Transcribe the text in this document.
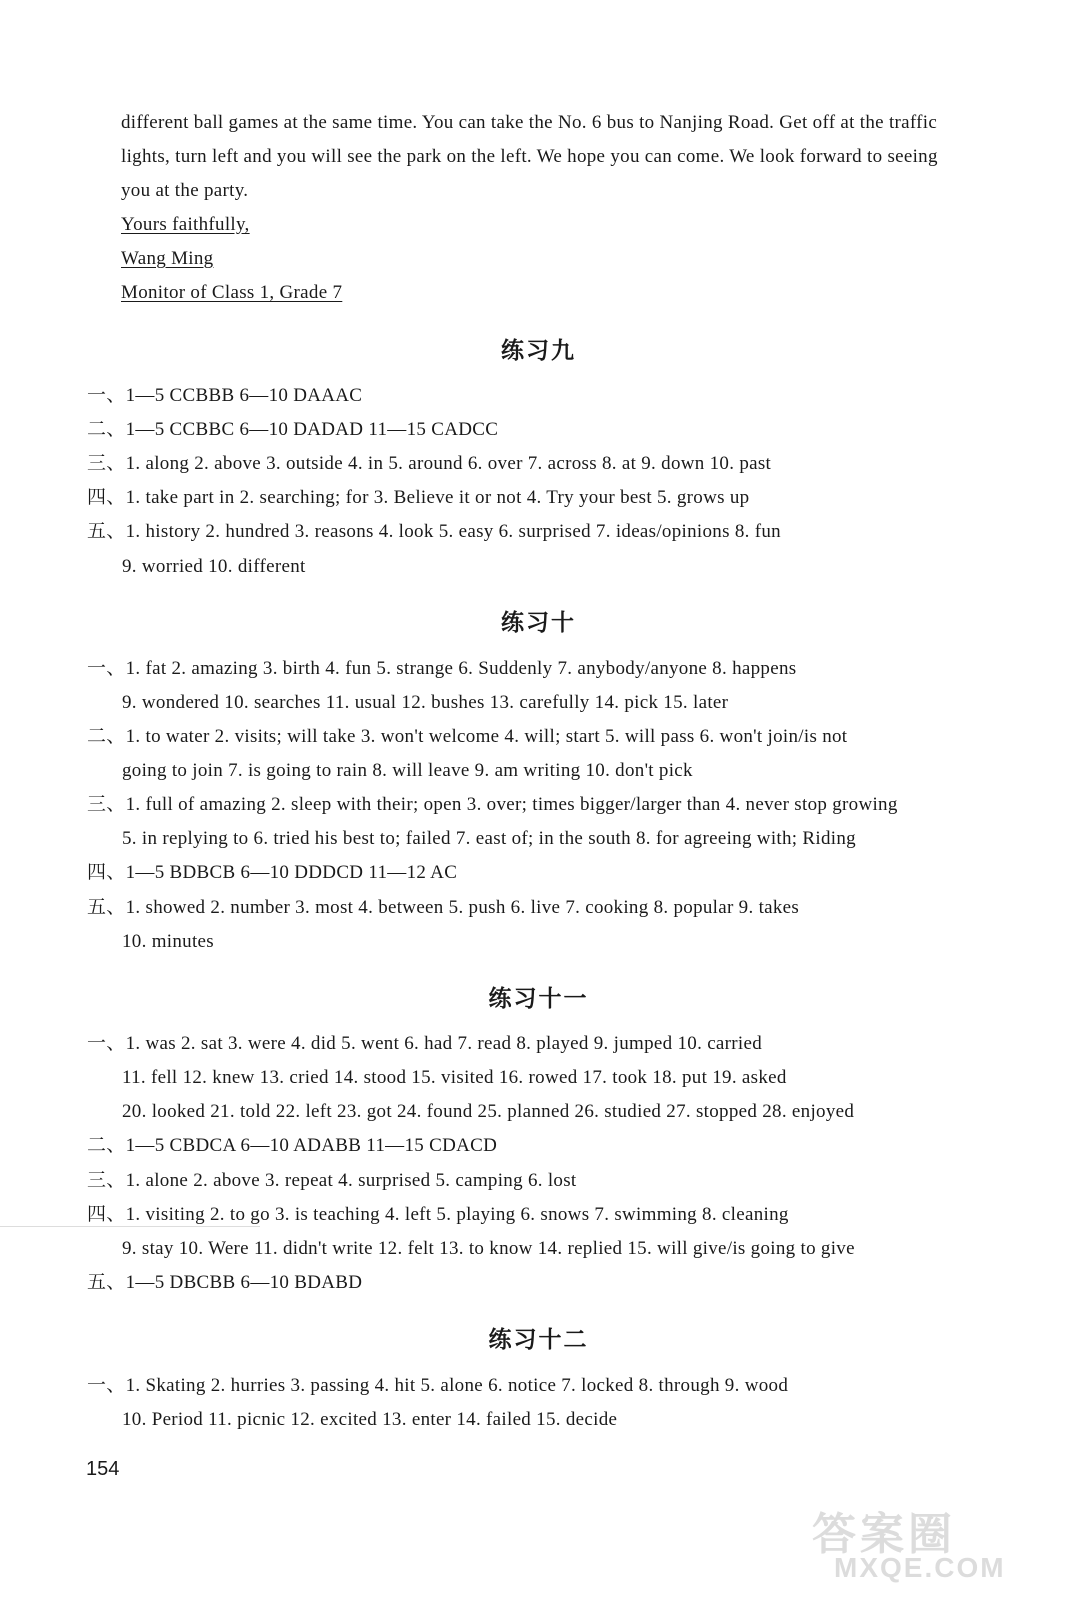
different ball games at the same time. You can take the No. 6 bus to Nanjing Road. Get off at the traffic
lights, turn left and you will see the park on the left. We hope you can come. We look forward to seeing
you at the party.
Yours faithfully,
Wang Ming
Monitor of Class 1, Grade 7
练习九
一、1—5 CCBBB 6—10 DAAAC
二、1—5 CCBBC 6—10 DADAD 11—15 CADCC
三、1. along 2. above 3. outside 4. in 5. around 6. over 7. across 8. at 9. down 10. past
四、1. take part in 2. searching; for 3. Believe it or not 4. Try your best 5. grows up
五、1. history 2. hundred 3. reasons 4. look 5. easy 6. surprised 7. ideas/opinions 8. fun
9. worried 10. different
练习十
一、1. fat 2. amazing 3. birth 4. fun 5. strange 6. Suddenly 7. anybody/anyone 8. happens
9. wondered 10. searches 11. usual 12. bushes 13. carefully 14. pick 15. later
二、1. to water 2. visits; will take 3. won't welcome 4. will; start 5. will pass 6. won't join/is not
going to join 7. is going to rain 8. will leave 9. am writing 10. don't pick
三、1. full of amazing 2. sleep with their; open 3. over; times bigger/larger than 4. never stop growing
5. in replying to 6. tried his best to; failed 7. east of; in the south 8. for agreeing with; Riding
四、1—5 BDBCB 6—10 DDDCD 11—12 AC
五、1. showed 2. number 3. most 4. between 5. push 6. live 7. cooking 8. popular 9. takes
10. minutes
练习十一
一、1. was 2. sat 3. were 4. did 5. went 6. had 7. read 8. played 9. jumped 10. carried
11. fell 12. knew 13. cried 14. stood 15. visited 16. rowed 17. took 18. put 19. asked
20. looked 21. told 22. left 23. got 24. found 25. planned 26. studied 27. stopped 28. enjoyed
二、1—5 CBDCA 6—10 ADABB 11—15 CDACD
三、1. alone 2. above 3. repeat 4. surprised 5. camping 6. lost
四、1. visiting 2. to go 3. is teaching 4. left 5. playing 6. snows 7. swimming 8. cleaning
9. stay 10. Were 11. didn't write 12. felt 13. to know 14. replied 15. will give/is going to give
五、1—5 DBCBB 6—10 BDABD
练习十二
一、1. Skating 2. hurries 3. passing 4. hit 5. alone 6. notice 7. locked 8. through 9. wood
10. Period 11. picnic 12. excited 13. enter 14. failed 15. decide
154
答案圈
MXQE.COM
